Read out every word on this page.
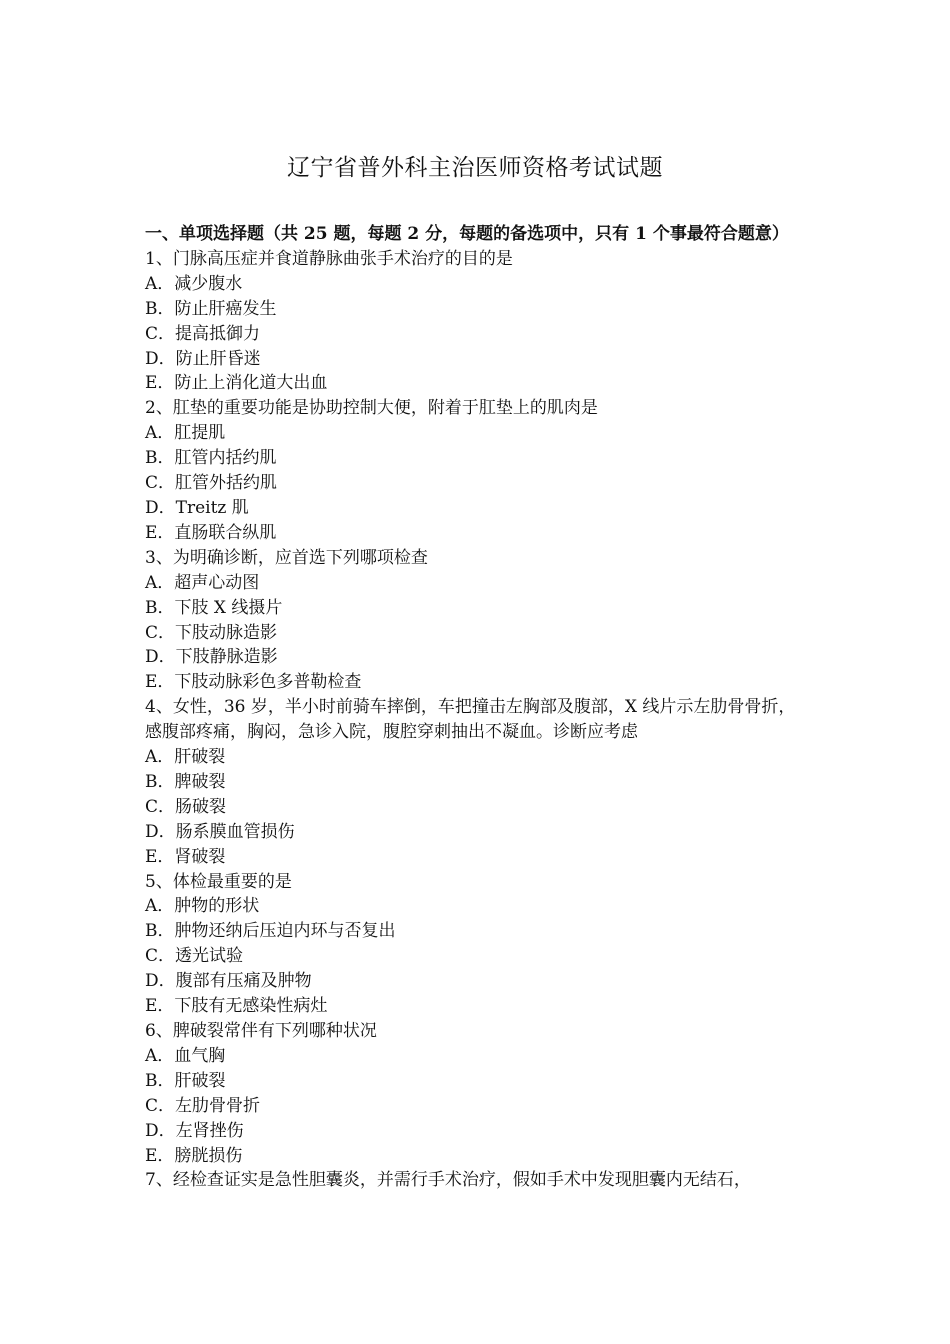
辽宁省普外科主治医师资格考试试题
一、单项选择题（共 25 题，每题 2 分，每题的备选项中，只有 1 个事最符合题意）
1、门脉高压症并食道静脉曲张手术治疗的目的是
A．减少腹水
B．防止肝癌发生
C．提高抵御力
D．防止肝昏迷
E．防止上消化道大出血
2、肛垫的重要功能是协助控制大便，附着于肛垫上的肌肉是
A．肛提肌
B．肛管内括约肌
C．肛管外括约肌
D．Treitz 肌
E．直肠联合纵肌
3、为明确诊断，应首选下列哪项检查
A．超声心动图
B．下肢 X 线摄片
C．下肢动脉造影
D．下肢静脉造影
E．下肢动脉彩色多普勒检查
4、女性，36 岁，半小时前骑车摔倒，车把撞击左胸部及腹部，X 线片示左肋骨骨折，感腹部疼痛，胸闷，急诊入院，腹腔穿刺抽出不凝血。诊断应考虑
A．肝破裂
B．脾破裂
C．肠破裂
D．肠系膜血管损伤
E．肾破裂
5、体检最重要的是
A．肿物的形状
B．肿物还纳后压迫内环与否复出
C．透光试验
D．腹部有压痛及肿物
E．下肢有无感染性病灶
6、脾破裂常伴有下列哪种状况
A．血气胸
B．肝破裂
C．左肋骨骨折
D．左肾挫伤
E．膀胱损伤
7、经检查证实是急性胆囊炎，并需行手术治疗，假如手术中发现胆囊内无结石，
